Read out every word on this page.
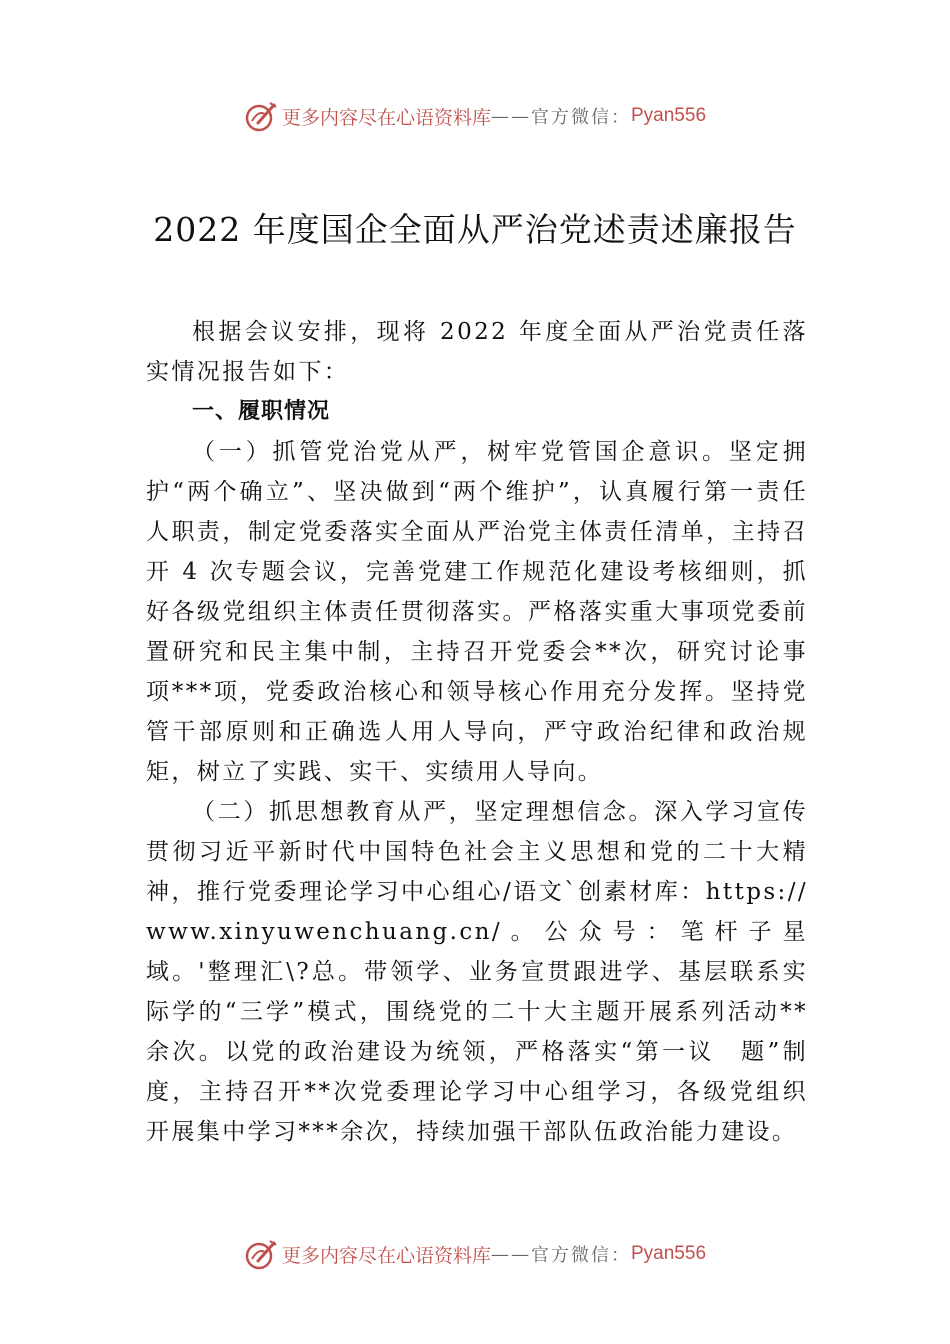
更多内容尽在心语资料库 —— 官方微信： Pyan556
2022 年度国企全面从严治党述责述廉报告

根据会议安排，现将 2022 年度全面从严治党责任落实情况报告如下：

一、履职情况

（一）抓管党治党从严，树牢党管国企意识。坚定拥护“两个确立”、坚决做到“两个维护”，认真履行第一责任人职责，制定党委落实全面从严治党主体责任清单，主持召开 4 次专题会议，完善党建工作规范化建设考核细则，抓好各级党组织主体责任贯彻落实。严格落实重大事项党委前置研究和民主集中制，主持召开党委会**次，研究讨论事项***项，党委政治核心和领导核心作用充分发挥。坚持党管干部原则和正确选人用人导向，严守政治纪律和政治规矩，树立了实践、实干、实绩用人导向。

（二）抓思想教育从严，坚定理想信念。深入学习宣传贯彻习近平新时代中国特色社会主义思想和党的二十大精　神，推行党委理论学习中心组心/语文`创素材库：https://www.xinyuwenchuang.cn/。公众号：笔杆子星域。'整理汇\?总。带领学、业务宣贯跟进学、基层联系实际学的“三学”模式，围绕党的二十大主题开展系列活动**余次。以党的政治建设为统领，严格落实“第一议　题”制度，主持召开**次党委理论学习中心组学习，各级党组织开展集中学习***余次，持续加强干部队伍政治能力建设。

更多内容尽在心语资料库 —— 官方微信： Pyan556
